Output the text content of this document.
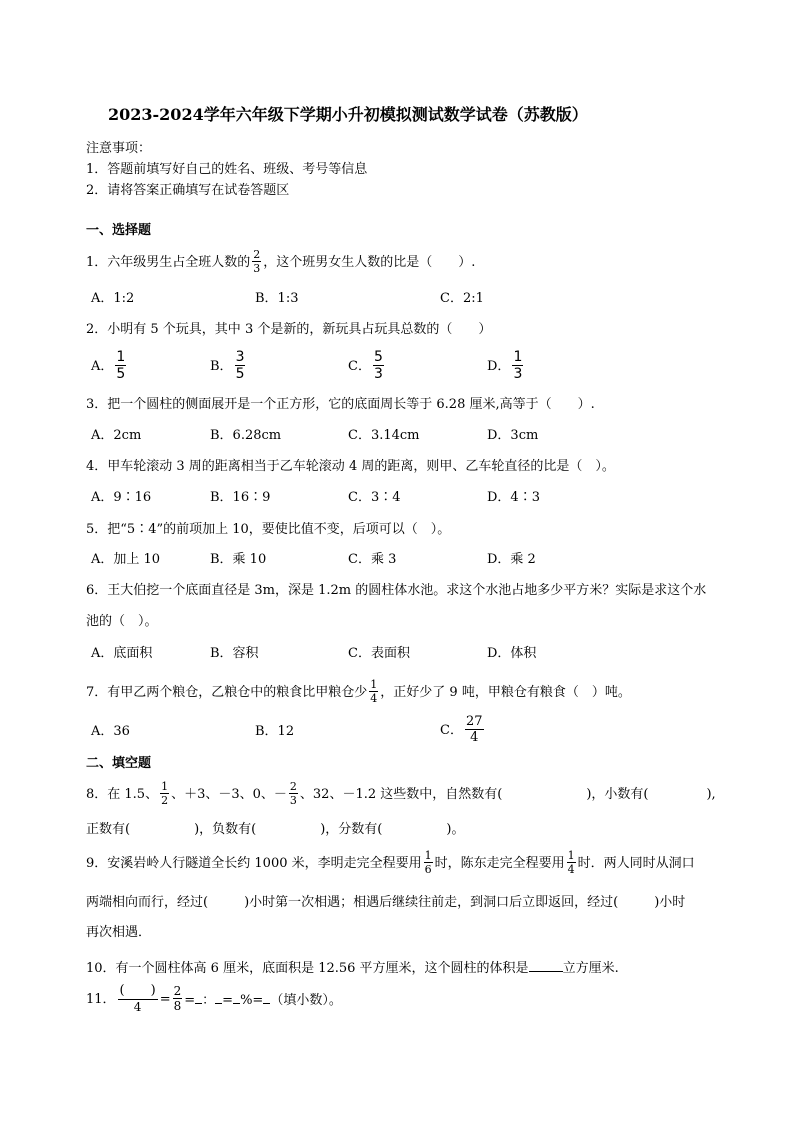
2023-2024学年六年级下学期小升初模拟测试数学试卷（苏教版）
注意事项：
1．答题前填写好自己的姓名、班级、考号等信息
2．请将答案正确填写在试卷答题区
一、选择题
1．六年级男生占全班人数的 $\frac{2}{3}$ ，这个班男女生人数的比是（　　）.
A．1:2	B．1:3	C．2:1
2．小明有 5 个玩具，其中 3 个是新的，新玩具占玩具总数的（　　）
A． $\frac{1}{5}$	B． $\frac{3}{5}$	C． $\frac{5}{3}$	D． $\frac{1}{3}$
3．把一个圆柱的侧面展开是一个正方形，它的底面周长等于 6.28 厘米,高等于（　　）.
A．2cm	B．6.28cm	C．3.14cm	D．3cm
4．甲车轮滚动 3 周的距离相当于乙车轮滚动 4 周的距离，则甲、乙车轮直径的比是（　）。
A．9∶16	B．16∶9	C．3∶4	D．4∶3
5．把“5∶4”的前项加上 10，要使比值不变，后项可以（　）。
A．加上 10	B．乘 10	C．乘 3	D．乘 2
6．王大伯挖一个底面直径是 3m，深是 1.2m 的圆柱体水池。求这个水池占地多少平方米？实际是求这个水
池的（　）。
A．底面积	B．容积	C．表面积	D．体积
7．有甲乙两个粮仓，乙粮仓中的粮食比甲粮仓少 $\frac{1}{4}$ ，正好少了 9 吨，甲粮仓有粮食（　）吨。
A．36	B．12	C． $\frac{27}{4}$
二、填空题
8．在 1.5、 $\frac{1}{2}$ 、＋3、－3、0、－ $\frac{2}{3}$ 、32、－1.2 这些数中，自然数有(	)，小数有(	),
正数有(	)，负数有(	)，分数有(	)。
9．安溪岩岭人行隧道全长约 1000 米，李明走完全程要用 $\frac{1}{6}$ 时，陈东走完全程要用 $\frac{1}{4}$ 时．两人同时从洞口
两端相向而行，经过(	)小时第一次相遇；相遇后继续往前走，到洞口后立即返回，经过(	)小时
再次相遇．
10．有一个圆柱体高 6 厘米，底面积是 12.56 平方厘米，这个圆柱的体积是	立方厘米.
11． $\frac{( )}{4} = \frac{2}{8}$ = ： = %= （填小数）。
